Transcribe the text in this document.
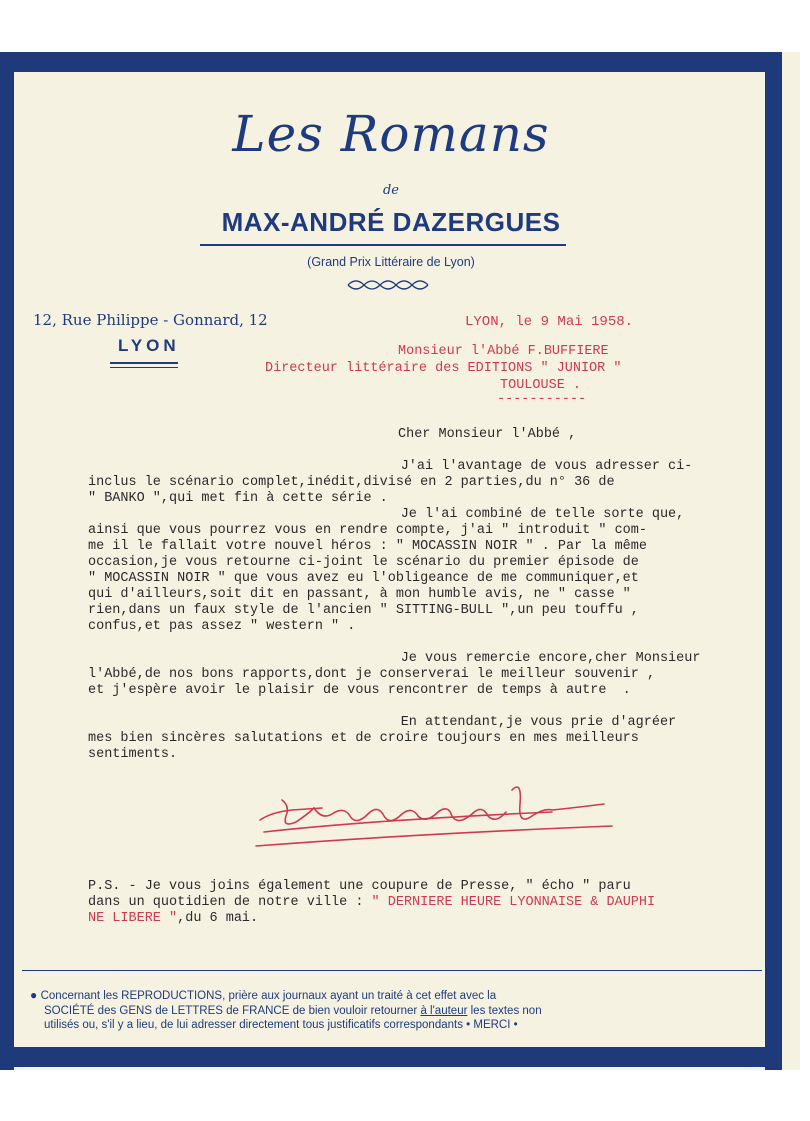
Les Romans
de
MAX-ANDRÉ DAZERGUES
(Grand Prix Littéraire de Lyon)
12, Rue Philippe - Gonnard, 12
LYON
LYON, le 9 Mai 1958.
Monsieur l'Abbé F.BUFFIERE
Directeur littéraire des EDITIONS " JUNIOR "
TOULOUSE .
-----------
Cher Monsieur l'Abbé ,
J'ai l'avantage de vous adresser ci-
inclus le scénario complet,inédit,divisé en 2 parties,du n° 36 de
" BANKO ",qui met fin à cette série .
Je l'ai combiné de telle sorte que,
ainsi que vous pourrez vous en rendre compte, j'ai " introduit " com-
me il le fallait votre nouvel héros : " MOCASSIN NOIR " . Par la même
occasion,je vous retourne ci-joint le scénario du premier épisode de
" MOCASSIN NOIR " que vous avez eu l'obligeance de me communiquer,et
qui d'ailleurs,soit dit en passant, à mon humble avis, ne " casse "
rien,dans un faux style de l'ancien " SITTING-BULL ",un peu touffu ,
confus,et pas assez " western " .
Je vous remercie encore,cher Monsieur
l'Abbé,de nos bons rapports,dont je conserverai le meilleur souvenir ,
et j'espère avoir le plaisir de vous rencontrer de temps à autre  .
En attendant,je vous prie d'agréer
mes bien sincères salutations et de croire toujours en mes meilleurs
sentiments.
P.S. - Je vous joins également une coupure de Presse, " écho " paru
dans un quotidien de notre ville : " DERNIERE HEURE LYONNAISE & DAUPHI
NE LIBERE ",du 6 mai.
● Concernant les REPRODUCTIONS, prière aux journaux ayant un traité à cet effet avec la
SOCIÉTÉ des GENS de LETTRES de FRANCE de bien vouloir retourner à l'auteur les textes non
utilisés ou, s'il y a lieu, de lui adresser directement tous justificatifs correspondants • MERCI •
